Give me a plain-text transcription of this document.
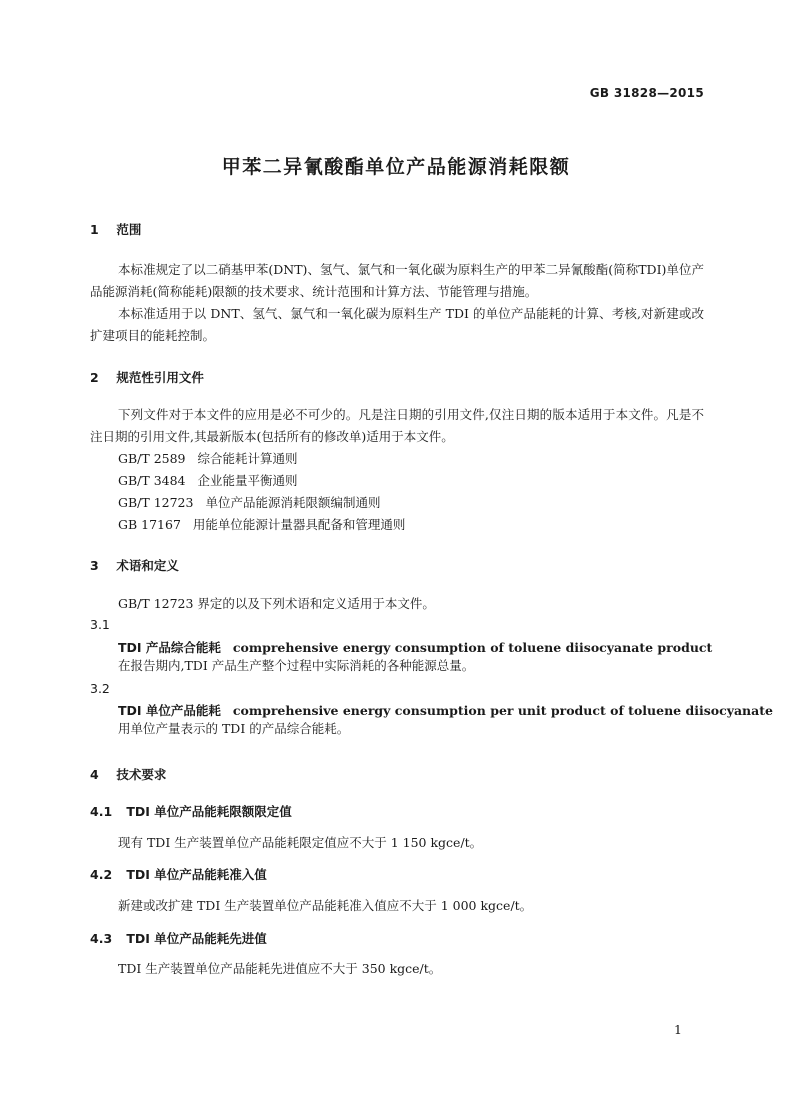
GB 31828—2015
甲苯二异氰酸酯单位产品能源消耗限额
1 范围
本标准规定了以二硝基甲苯(DNT)、氢气、氯气和一氧化碳为原料生产的甲苯二异氰酸酯(简称TDI)单位产品能源消耗(简称能耗)限额的技术要求、统计范围和计算方法、节能管理与措施。
本标准适用于以 DNT、氢气、氯气和一氧化碳为原料生产 TDI 的单位产品能耗的计算、考核,对新建或改扩建项目的能耗控制。
2 规范性引用文件
下列文件对于本文件的应用是必不可少的。凡是注日期的引用文件,仅注日期的版本适用于本文件。凡是不注日期的引用文件,其最新版本(包括所有的修改单)适用于本文件。
GB/T 2589 综合能耗计算通则
GB/T 3484 企业能量平衡通则
GB/T 12723 单位产品能源消耗限额编制通则
GB 17167 用能单位能源计量器具配备和管理通则
3 术语和定义
GB/T 12723 界定的以及下列术语和定义适用于本文件。
3.1
TDI 产品综合能耗 comprehensive energy consumption of toluene diisocyanate product
在报告期内,TDI 产品生产整个过程中实际消耗的各种能源总量。
3.2
TDI 单位产品能耗 comprehensive energy consumption per unit product of toluene diisocyanate
用单位产量表示的 TDI 的产品综合能耗。
4 技术要求
4.1 TDI 单位产品能耗限额限定值
现有 TDI 生产装置单位产品能耗限定值应不大于 1 150 kgce/t。
4.2 TDI 单位产品能耗准入值
新建或改扩建 TDI 生产装置单位产品能耗准入值应不大于 1 000 kgce/t。
4.3 TDI 单位产品能耗先进值
TDI 生产装置单位产品能耗先进值应不大于 350 kgce/t。
1
